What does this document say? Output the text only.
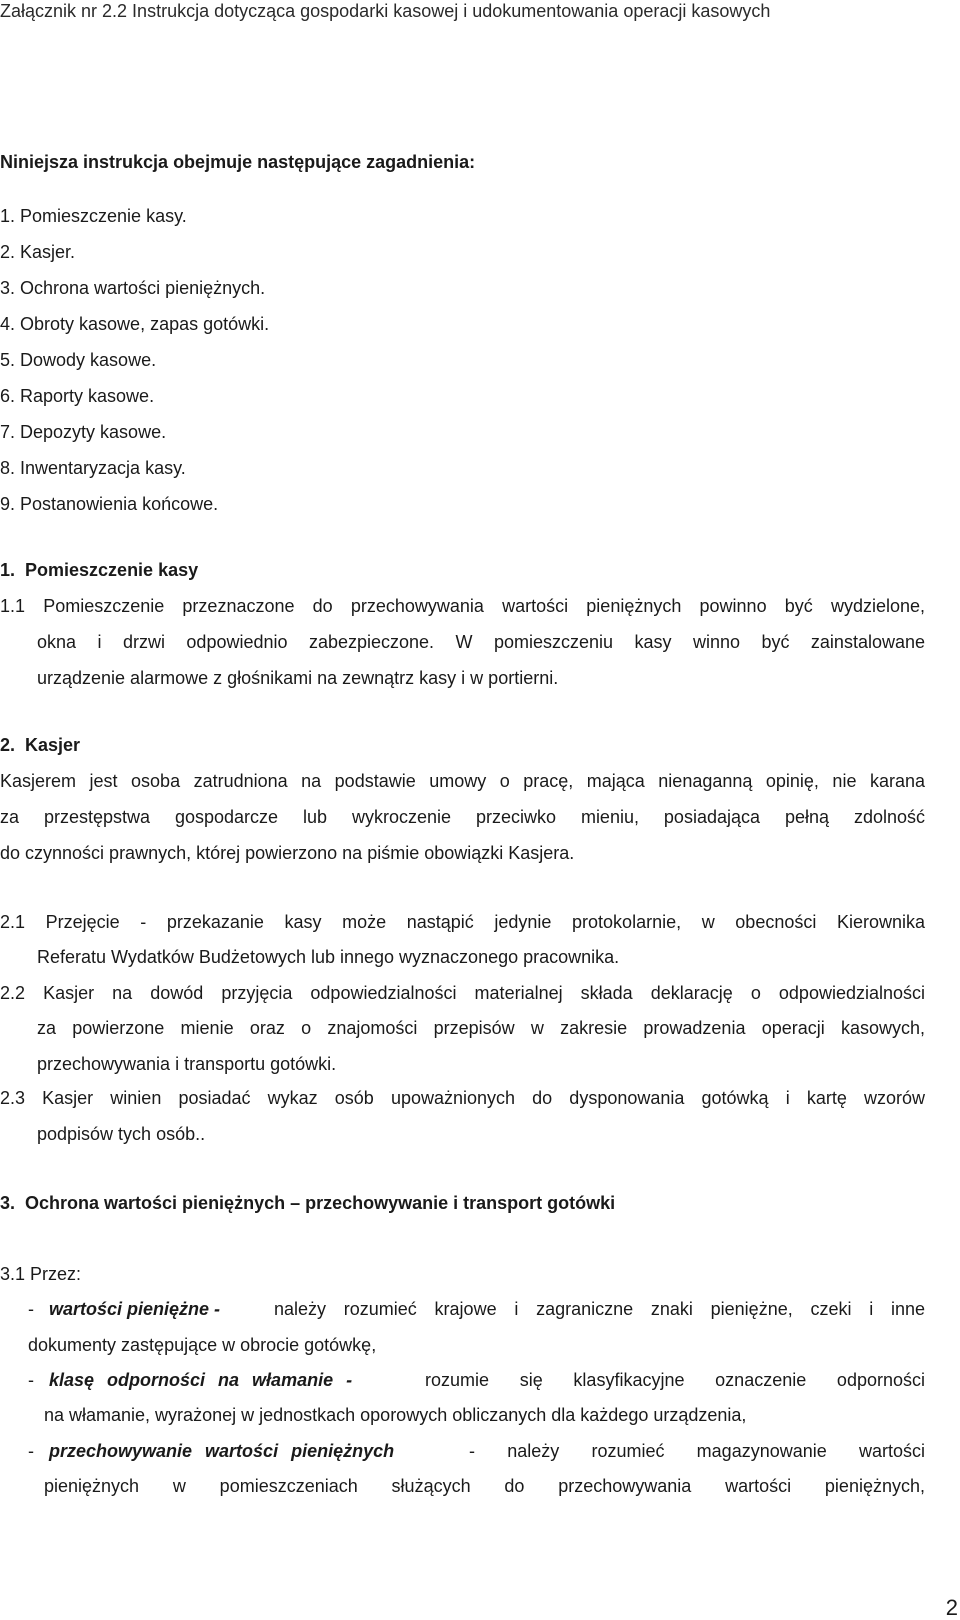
Załącznik nr 2.2 Instrukcja dotycząca gospodarki kasowej i udokumentowania operacji kasowych
Niniejsza instrukcja obejmuje następujące zagadnienia:
1. Pomieszczenie kasy.
2. Kasjer.
3. Ochrona wartości pieniężnych.
4. Obroty kasowe, zapas gotówki.
5. Dowody kasowe.
6. Raporty kasowe.
7. Depozyty kasowe.
8. Inwentaryzacja kasy.
9. Postanowienia końcowe.
1.  Pomieszczenie kasy
1.1 Pomieszczenie przeznaczone do przechowywania wartości pieniężnych powinno być wydzielone,
okna i drzwi odpowiednio zabezpieczone. W pomieszczeniu kasy winno być zainstalowane
urządzenie alarmowe z głośnikami na zewnątrz kasy i w portierni.
2.  Kasjer
Kasjerem jest osoba zatrudniona na podstawie umowy o pracę, mająca nienaganną opinię, nie karana
za przestępstwa gospodarcze lub wykroczenie przeciwko mieniu, posiadająca pełną zdolność
do czynności prawnych, której powierzono na piśmie obowiązki Kasjera.
2.1 Przejęcie - przekazanie kasy może nastąpić jedynie protokolarnie, w obecności Kierownika
Referatu Wydatków Budżetowych lub innego wyznaczonego pracownika.
2.2 Kasjer na dowód przyjęcia odpowiedzialności materialnej składa deklarację o odpowiedzialności
za powierzone mienie oraz o znajomości przepisów w zakresie prowadzenia operacji kasowych,
przechowywania i transportu gotówki.
2.3 Kasjer winien posiadać wykaz osób upoważnionych do dysponowania gotówką i kartę wzorów
podpisów tych osób..
3.  Ochrona wartości pieniężnych – przechowywanie i transport gotówki
3.1 Przez:
- wartości pieniężne -	należy rozumieć krajowe i zagraniczne znaki pieniężne, czeki i inne
dokumenty zastępujące w obrocie gotówkę,
- klasę odporności na włamanie -	rozumie się klasyfikacyjne oznaczenie odporności
na włamanie, wyrażonej w jednostkach oporowych obliczanych dla każdego urządzenia,
- przechowywanie wartości pieniężnych	- należy rozumieć magazynowanie wartości
pieniężnych w pomieszczeniach służących do przechowywania wartości pieniężnych,
2
